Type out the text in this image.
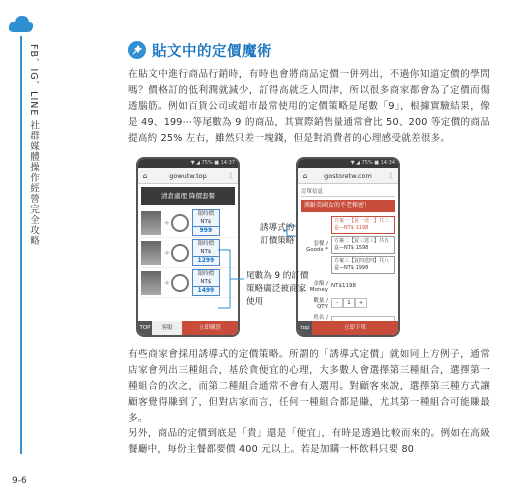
FB、IG、LINE 社群媒體操作經營完全攻略
9-6
貼文中的定價魔術
在貼文中進行商品行銷時，有時也會將商品定價一併列出，不過你知道定價的學問嗎？價格訂的低利潤就減少，訂得高就乏人問津，所以很多商家都會為了定價而傷透腦筋。例如百貨公司或超市最常使用的定價策略是尾數「9」，根據實驗結果，像是 49、199⋯等尾數為 9 的商品，其實際銷售量通常會比 50、200 等定價的商品提高約 25% 左右，雖然只差一塊錢，但是對消費者的心理感受就差很多。
▼ ◢ 75% ■ 14:37
⌂	gowutw.top	⋮
清倉處理 降價套餐
+
限時價 NT$
999
+
限時價 NT$
1299
+
限時價 NT$
1499
TOP	客服	立即購買
▼ ◢ 75% ■ 14:34
⌂	gostoretw.com	⋮
訂單信息
漢齡美國女的不老秘密！
套餐 / Goods *
方案一【買一送一】共三盒—NT$ 1198
方案二【買三送三】共五盒—NT$ 1598
方案三【買四送四】共八盒—NT$ 1998
金額 / Money
NT$1198
數量 / QTY
-	1	+
姓名 /
top	立即下單
誘導式的
訂價策略
尾數為 9 的訂價
策略廣泛被商家
使用
有些商家會採用誘導式的定價策略。所謂的「誘導式定價」就如同上方例子，通常店家會列出三種組合，基於貪便宜的心理，大多數人會選擇第三種組合，選擇第一種組合的次之，而第二種組合通常不會有人選用。對顧客來說，選擇第三種方式讓顧客覺得賺到了，但對店家而言，任何一種組合都是賺，尤其第一種組合可能賺最多。
另外，商品的定價到底是「貴」還是「便宜」，有時是透過比較而來的。例如在高級餐廳中，每份主餐都要價 400 元以上。若是加購一杯飲料只要 80
